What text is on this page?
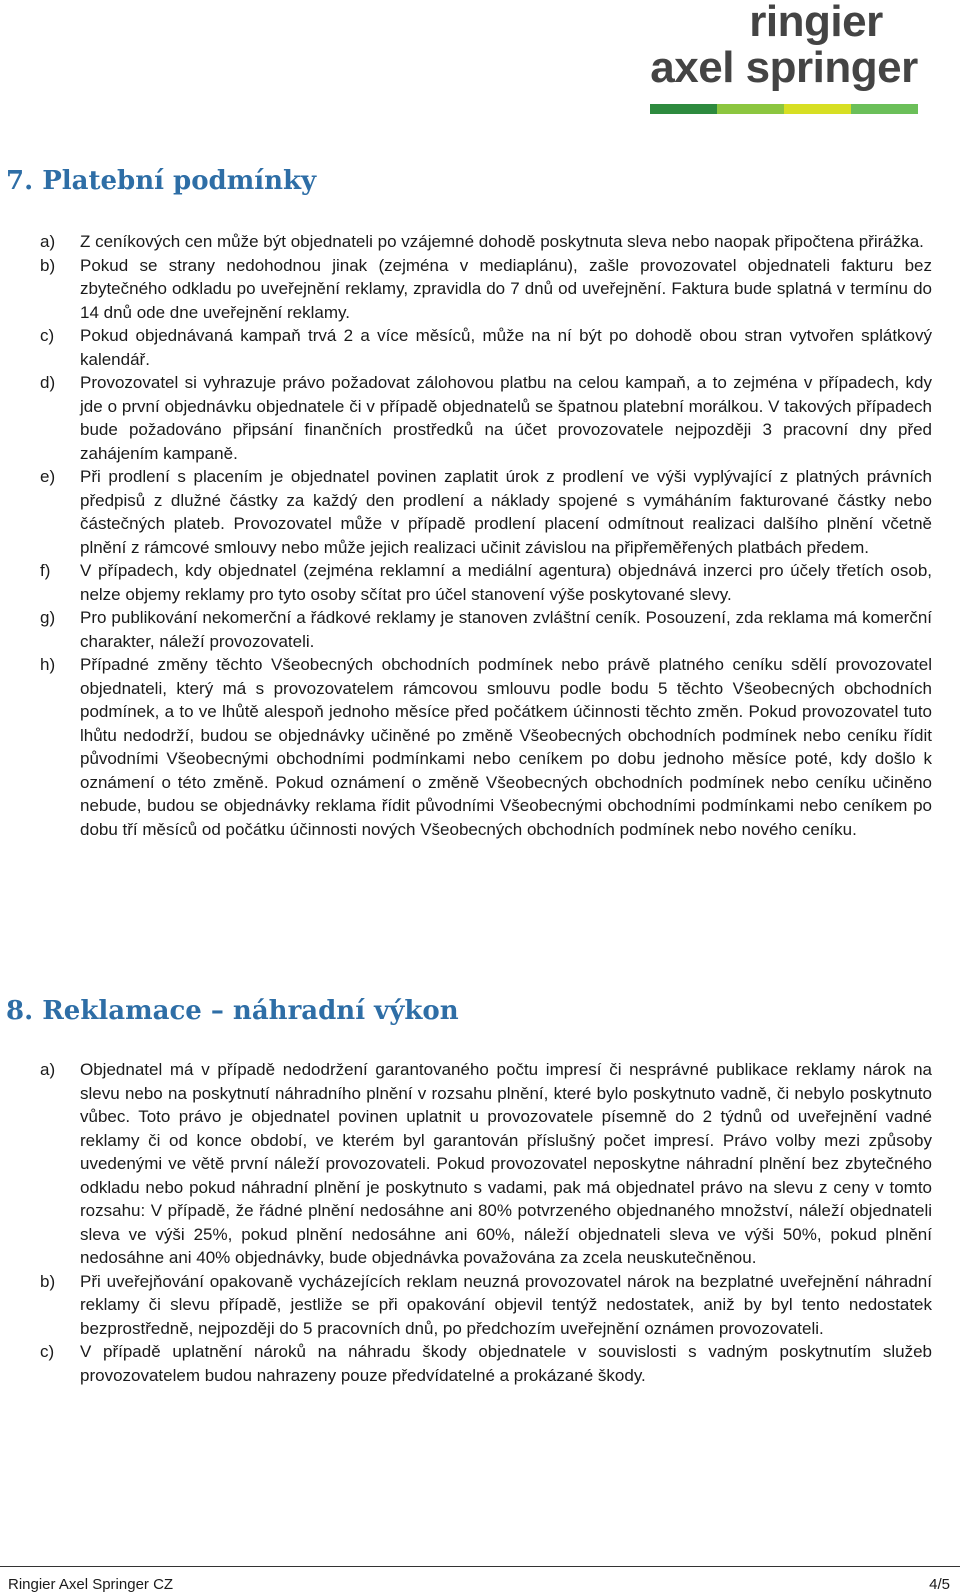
ringier
axel springer
7. Platební podmínky
a) Z ceníkových cen může být objednateli po vzájemné dohodě poskytnuta sleva nebo naopak připočtena přirážka.
b) Pokud se strany nedohodnou jinak (zejména v mediaplánu), zašle provozovatel objednateli fakturu bez zbytečného odkladu po uveřejnění reklamy, zpravidla do 7 dnů od uveřejnění. Faktura bude splatná v termínu do 14 dnů ode dne uveřejnění reklamy.
c) Pokud objednávaná kampaň trvá 2 a více měsíců, může na ní být po dohodě obou stran vytvořen splátkový kalendář.
d) Provozovatel si vyhrazuje právo požadovat zálohovou platbu na celou kampaň, a to zejména v případech, kdy jde o první objednávku objednatele či v případě objednatelů se špatnou platební morálkou. V takových případech bude požadováno připsání finančních prostředků na účet provozovatele nejpozději 3 pracovní dny před zahájením kampaně.
e) Při prodlení s placením je objednatel povinen zaplatit úrok z prodlení ve výši vyplývající z platných právních předpisů z dlužné částky za každý den prodlení a náklady spojené s vymáháním fakturované částky nebo částečných plateb. Provozovatel může v případě prodlení placení odmítnout realizaci dalšího plnění včetně plnění z rámcové smlouvy nebo může jejich realizaci učinit závislou na připřeměřených platbách předem.
f) V případech, kdy objednatel (zejména reklamní a mediální agentura) objednává inzerci pro účely třetích osob, nelze objemy reklamy pro tyto osoby sčítat pro účel stanovení výše poskytované slevy.
g) Pro publikování nekomerční a řádkové reklamy je stanoven zvláštní ceník. Posouzení, zda reklama má komerční charakter, náleží provozovateli.
h) Případné změny těchto Všeobecných obchodních podmínek nebo právě platného ceníku sdělí provozovatel objednateli, který má s provozovatelem rámcovou smlouvu podle bodu 5 těchto Všeobecných obchodních podmínek, a to ve lhůtě alespoň jednoho měsíce před počátkem účinnosti těchto změn. Pokud provozovatel tuto lhůtu nedodrží, budou se objednávky učiněné po změně Všeobecných obchodních podmínek nebo ceníku řídit původními Všeobecnými obchodními podmínkami nebo ceníkem po dobu jednoho měsíce poté, kdy došlo k oznámení o této změně. Pokud oznámení o změně Všeobecných obchodních podmínek nebo ceníku učiněno nebude, budou se objednávky reklama řídit původními Všeobecnými obchodními podmínkami nebo ceníkem po dobu tří měsíců od počátku účinnosti nových Všeobecných obchodních podmínek nebo nového ceníku.
8. Reklamace – náhradní výkon
a) Objednatel má v případě nedodržení garantovaného počtu impresí či nesprávné publikace reklamy nárok na slevu nebo na poskytnutí náhradního plnění v rozsahu plnění, které bylo poskytnuto vadně, či nebylo poskytnuto vůbec. Toto právo je objednatel povinen uplatnit u provozovatele písemně do 2 týdnů od uveřejnění vadné reklamy či od konce období, ve kterém byl garantován příslušný počet impresí. Právo volby mezi způsoby uvedenými ve větě první náleží provozovateli. Pokud provozovatel neposkytne náhradní plnění bez zbytečného odkladu nebo pokud náhradní plnění je poskytnuto s vadami, pak má objednatel právo na slevu z ceny v tomto rozsahu: V případě, že řádné plnění nedosáhne ani 80% potvrzeného objednaného množství, náleží objednateli sleva ve výši 25%, pokud plnění nedosáhne ani 60%, náleží objednateli sleva ve výši 50%, pokud plnění nedosáhne ani 40% objednávky, bude objednávka považována za zcela neuskutečněnou.
b) Při uveřejňování opakovaně vycházejících reklam neuzná provozovatel nárok na bezplatné uveřejnění náhradní reklamy či slevu případě, jestliže se při opakování objevil tentýž nedostatek, aniž by byl tento nedostatek bezprostředně, nejpozději do 5 pracovních dnů, po předchozím uveřejnění oznámen provozovateli.
c) V případě uplatnění nároků na náhradu škody objednatele v souvislosti s vadným poskytnutím služeb provozovatelem budou nahrazeny pouze předvídatelné a prokázané škody.
Ringier Axel Springer CZ	4/5
